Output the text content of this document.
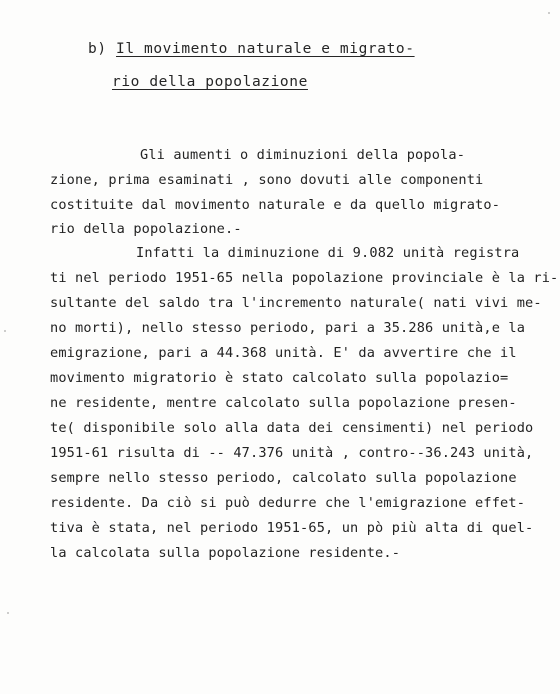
b) Il movimento naturale e migrato-
rio della popolazione
Gli aumenti o diminuzioni della popola-
zione, prima esaminati , sono dovuti alle componenti
costituite dal movimento naturale e da quello migrato-
rio della popolazione.-
Infatti la diminuzione di 9.082 unità registra
ti nel periodo 1951-65 nella popolazione provinciale è la ri-
sultante del saldo tra l'incremento naturale( nati vivi me-
no morti), nello stesso periodo, pari a 35.286 unità,e la
emigrazione, pari a 44.368 unità. E' da avvertire che il
movimento migratorio è stato calcolato sulla popolazio=
ne residente, mentre calcolato sulla popolazione presen-
te( disponibile solo alla data dei censimenti) nel periodo
1951-61 risulta di -- 47.376 unità , contro--36.243 unità,
sempre nello stesso periodo, calcolato sulla popolazione
residente. Da ciò si può dedurre che l'emigrazione effet-
tiva è stata, nel periodo 1951-65, un pò più alta di quel-
la calcolata sulla popolazione residente.-
